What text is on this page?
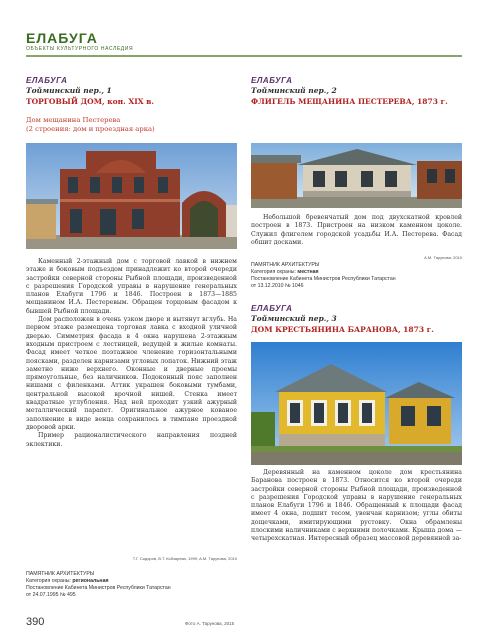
ЕЛАБУГА
ОБЪЕКТЫ КУЛЬТУРНОГО НАСЛЕДИЯ
ЕЛАБУГА
Тойминский пер., 1
ТОРГОВЫЙ ДОМ, кон. XIX в.
Дом мещанина Пестерева
(2 строения: дом и проездная арка)
ЕЛАБУГА
Тойминский пер., 2
ФЛИГЕЛЬ МЕЩАНИНА ПЕСТЕРЕВА, 1873 г.

Небольшой бревенчатый дом под двухскатной кровлей построен в 1873. Пристроен на низком каменном цоколе. Служил флигелем городской усадьбы И.А. Пестерева. Фасад обшит досками.

А.М. Тарунова, 2010
ПАМЯТНИК АРХИТЕКТУРЫ
Категория охраны: местная
Постановление Кабинета Министров Республики Татарстан
от 13.12.2010 № 1046
ЕЛАБУГА
Тойминский пер., 3
ДОМ КРЕСТЬЯНИНА БАРАНОВА, 1873 г.

Каменный 2-этажный дом с торговой лавкой в нижнем этаже и боковым подъездом принадлежит ко второй очереди застройки северной стороны Рыбной площади, произведенной с разрешения Городской управы в нарушение генеральных планов Елабуги 1796 и 1846. Построен в 1873—1885 мещанином И.А. Пестеревым. Обращен торцовым фасадом к бывшей Рыбной площади.

Дом расположен в очень узком дворе и вытянут вглубь. На первом этаже размещена торговая лавка с входной уличной дверью. Симметрия фасада в 4 окна нарушена 2-этажным входным пристроем с лестницей, ведущей в жилые комнаты. Фасад имеет четкое поэтажное членение горизонтальными поясками, разделен карнизами угловых лопаток. Нижний этаж заметно ниже верхнего. Оконные и дверные проемы прямоугольные, без наличников. Подоконный пояс заполнен нишами с филенками. Аттик украшен боковыми тумбами, центральной высокой врочной нишей. Стенка имеет квадратные углубления. Над ней проходит узкий ажурный металлический парапет. Оригинальное ажурное кованое заполнение в виде венца сохранилось в тимпане проездной дворовой арки.

Пример рационалистического направления поздней эклектики.

Т.Г. Сидоров, В.Т. Кобзарева, 1999; А.М. Тарунова, 2010
ПАМЯТНИК АРХИТЕКТУРЫ
Категория охраны: региональная
Постановление Кабинета Министров Республики Татарстан
от 24.07.1995 № 495

Деревянный на каменном цоколе дом крестьянина Баранова построен в 1873. Относится ко второй очереди застройки северной стороны Рыбной площади, произведенной с разрешения Городской управы в нарушение генеральных планов Елабуги 1796 и 1846. Обращенный к площади фасад имеет 4 окна, подшит тесом, увенчан карнизом; углы обиты дощечками, имитирующими рустовку. Окна обрамлены плоскими наличниками с верхними полочками. Крыша дома — четырехскатная. Интересный образец массовой деревянной за-

390	Фото А. Тарунова, 2015
